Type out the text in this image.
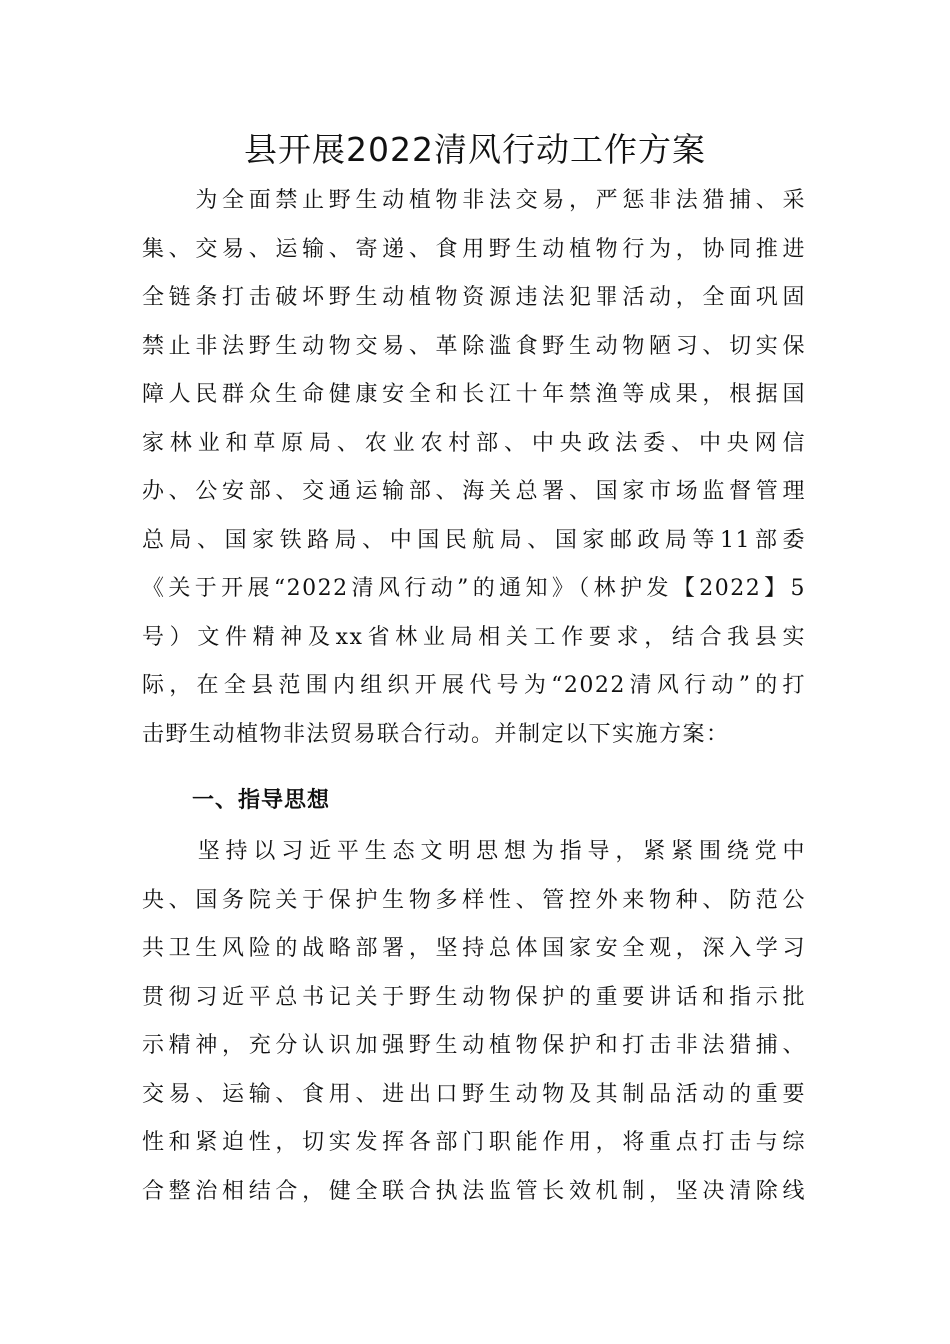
县开展2022清风行动工作方案
　　为全面禁止野生动植物非法交易，严惩非法猎捕、采
集、交易、运输、寄递、食用野生动植物行为，协同推进
全链条打击破坏野生动植物资源违法犯罪活动，全面巩固
禁止非法野生动物交易、革除滥食野生动物陋习、切实保
障人民群众生命健康安全和长江十年禁渔等成果，根据国
家林业和草原局、农业农村部、中央政法委、中央网信
办、公安部、交通运输部、海关总署、国家市场监督管理
总局、国家铁路局、中国民航局、国家邮政局等11部委
《关于开展“2022清风行动”的通知》（林护发【2022】5
号）文件精神及xx省林业局相关工作要求，结合我县实
际，在全县范围内组织开展代号为“2022清风行动”的打
击野生动植物非法贸易联合行动。并制定以下实施方案：
一、指导思想
　　坚持以习近平生态文明思想为指导，紧紧围绕党中
央、国务院关于保护生物多样性、管控外来物种、防范公
共卫生风险的战略部署，坚持总体国家安全观，深入学习
贯彻习近平总书记关于野生动物保护的重要讲话和指示批
示精神，充分认识加强野生动植物保护和打击非法猎捕、
交易、运输、食用、进出口野生动物及其制品活动的重要
性和紧迫性，切实发挥各部门职能作用，将重点打击与综
合整治相结合，健全联合执法监管长效机制，坚决清除线
